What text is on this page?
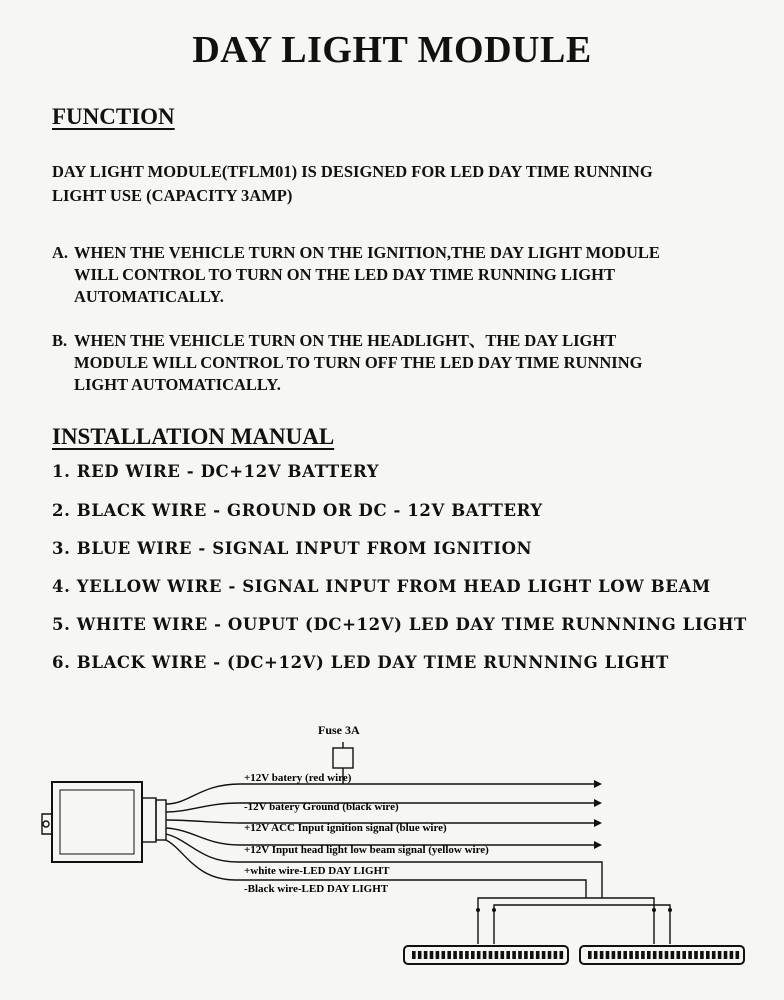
DAY LIGHT MODULE
FUNCTION
DAY LIGHT MODULE(TFLM01) IS DESIGNED FOR LED DAY TIME RUNNING
LIGHT USE (CAPACITY 3AMP)
A. WHEN THE VEHICLE TURN ON THE IGNITION,THE DAY LIGHT MODULE
WILL CONTROL TO TURN ON THE LED DAY TIME RUNNING LIGHT
AUTOMATICALLY.
B. WHEN THE VEHICLE TURN ON THE HEADLIGHT、THE DAY LIGHT
MODULE WILL CONTROL TO TURN OFF THE LED DAY TIME RUNNING
LIGHT AUTOMATICALLY.
INSTALLATION MANUAL
1. RED WIRE - DC+12V BATTERY
2. BLACK WIRE - GROUND OR DC - 12V BATTERY
3. BLUE WIRE - SIGNAL INPUT FROM IGNITION
4. YELLOW WIRE - SIGNAL INPUT FROM HEAD LIGHT LOW BEAM
5. WHITE WIRE - OUPUT (DC+12V) LED DAY TIME RUNNNING LIGHT
6. BLACK WIRE - (DC+12V) LED DAY TIME RUNNNING LIGHT
Fuse 3A
+12V batery (red wire)
-12V batery Ground (black wire)
+12V ACC Input ignition signal (blue wire)
+12V Input head light low beam signal (yellow wire)
+white wire-LED DAY LIGHT
-Black wire-LED DAY LIGHT
